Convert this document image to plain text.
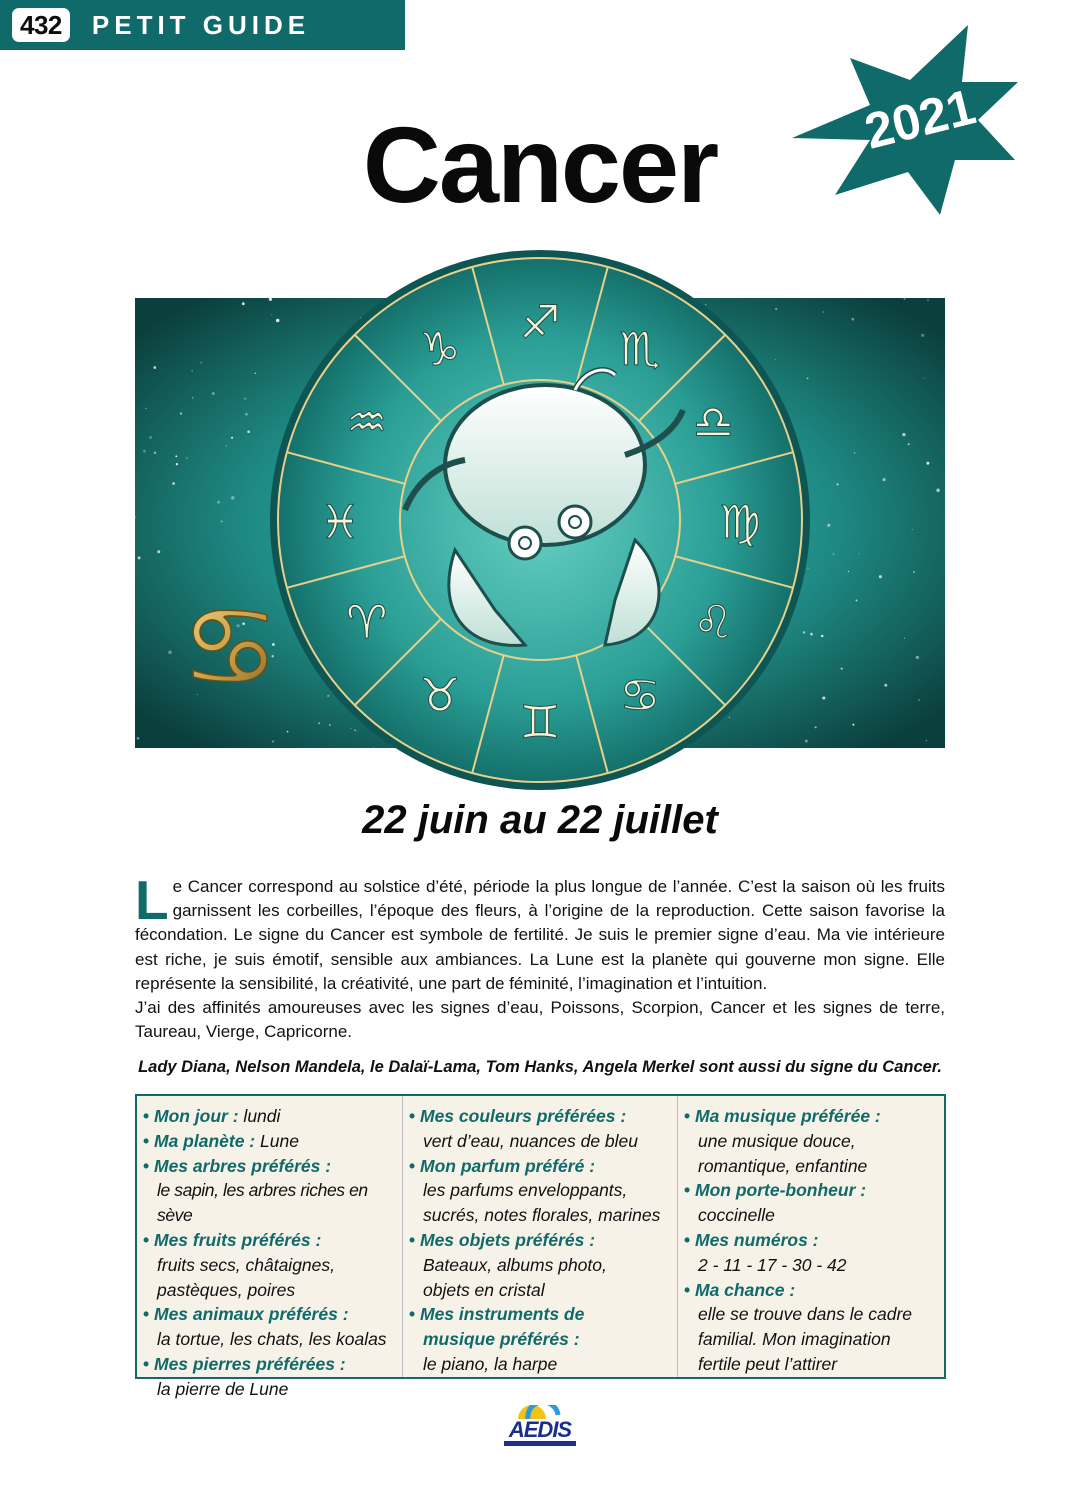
432	PETIT GUIDE
2021
Cancer
♑ ♐ ♏
♎
♍
♌
♋
♊
♉
♈
♓
♒
♋
22 juin au 22 juillet

Le Cancer correspond au solstice d’été, période la plus longue de l’année. C’est la saison où les fruits garnissent les corbeilles, l’époque des fleurs, à l’origine de la reproduction. Cette saison favorise la fécondation. Le signe du Cancer est symbole de fertilité. Je suis le premier signe d’eau. Ma vie intérieure est riche, je suis émotif, sensible aux ambiances. La Lune est la planète qui gouverne mon signe. Elle représente la sensibilité, la créativité, une part de féminité, l’imagination et l’intuition.

J’ai des affinités amoureuses avec les signes d’eau, Poissons, Scorpion, Cancer et les signes de terre, Taureau, Vierge, Capricorne.

Lady Diana, Nelson Mandela, le Dalaï-Lama, Tom Hanks, Angela Merkel sont aussi du signe du Cancer.
• Mon jour : lundi
• Ma planète : Lune
• Mes arbres préférés :
le sapin, les arbres riches en sève
• Mes fruits préférés :
fruits secs, châtaignes,
pastèques, poires
• Mes animaux préférés :
la tortue, les chats, les koalas
• Mes pierres préférées :
la pierre de Lune
• Mes couleurs préférées :
vert d’eau, nuances de bleu
• Mon parfum préféré :
les parfums enveloppants,
sucrés, notes florales, marines
• Mes objets préférés :
Bateaux, albums photo,
objets en cristal
• Mes instruments de
musique préférés :
le piano, la harpe
• Ma musique préférée :
une musique douce,
romantique, enfantine
• Mon porte-bonheur :
coccinelle
• Mes numéros :
2 - 11 - 17 - 30 - 42
• Ma chance :
elle se trouve dans le cadre
familial. Mon imagination
fertile peut l’attirer
AEDIS
